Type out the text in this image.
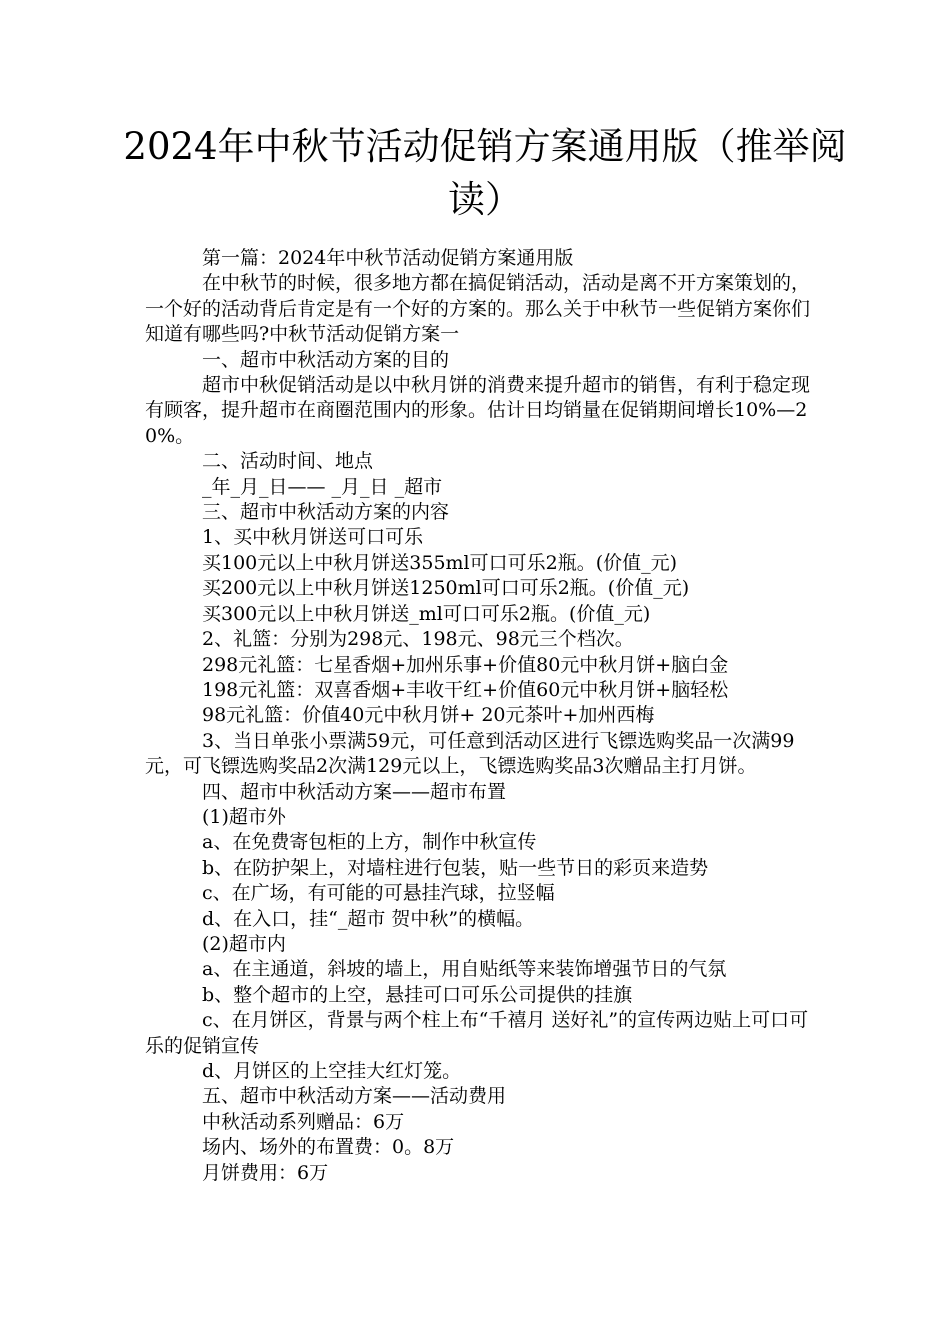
2024年中秋节活动促销方案通用版（推举阅读）

第一篇：2024年中秋节活动促销方案通用版

在中秋节的时候，很多地方都在搞促销活动，活动是离不开方案策划的，一个好的活动背后肯定是有一个好的方案的。那么关于中秋节一些促销方案你们知道有哪些吗?中秋节活动促销方案一

一、超市中秋活动方案的目的

超市中秋促销活动是以中秋月饼的消费来提升超市的销售，有利于稳定现有顾客，提升超市在商圈范围内的形象。估计日均销量在促销期间增长10%—20%。

二、活动时间、地点

_年_月_日—— _月_日 _超市

三、超市中秋活动方案的内容

1、买中秋月饼送可口可乐

买100元以上中秋月饼送355ml可口可乐2瓶。(价值_元)

买200元以上中秋月饼送1250ml可口可乐2瓶。(价值_元)

买300元以上中秋月饼送_ml可口可乐2瓶。(价值_元)

2、礼篮：分别为298元、198元、98元三个档次。

298元礼篮：七星香烟+加州乐事+价值80元中秋月饼+脑白金

198元礼篮：双喜香烟+丰收干红+价值60元中秋月饼+脑轻松

98元礼篮：价值40元中秋月饼+ 20元茶叶+加州西梅

3、当日单张小票满59元，可任意到活动区进行飞镖选购奖品一次满99元，可飞镖选购奖品2次满129元以上，飞镖选购奖品3次赠品主打月饼。

四、超市中秋活动方案——超市布置

(1)超市外

a、在免费寄包柜的上方，制作中秋宣传

b、在防护架上，对墙柱进行包装，贴一些节日的彩页来造势

c、在广场，有可能的可悬挂汽球，拉竖幅

d、在入口，挂“_超市 贺中秋”的横幅。

(2)超市内

a、在主通道，斜坡的墙上，用自贴纸等来装饰增强节日的气氛

b、整个超市的上空，悬挂可口可乐公司提供的挂旗

c、在月饼区，背景与两个柱上布“千禧月 送好礼”的宣传两边贴上可口可乐的促销宣传

d、月饼区的上空挂大红灯笼。

五、超市中秋活动方案——活动费用

中秋活动系列赠品：6万

场内、场外的布置费：0。8万

月饼费用：6万
